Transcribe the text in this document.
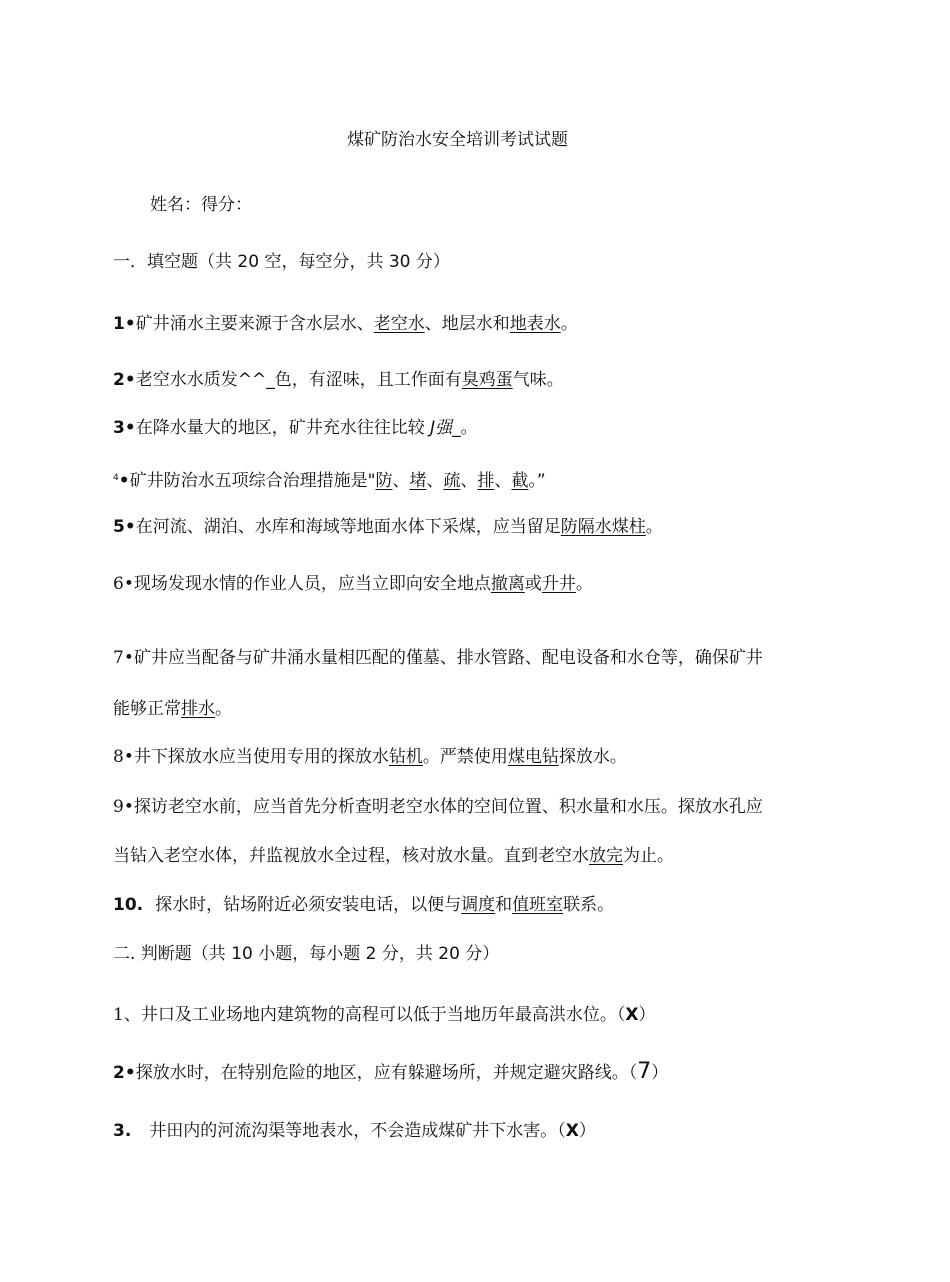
煤矿防治水安全培训考试试题
姓名：得分：
一．填空题（共 20 空，每空分，共 30 分）
1•矿井涌水主要来源于含水层水、老空水、地层水和地表水。
2•老空水水质发^^_色，有涩味，且工作面有臭鸡蛋气味。
3•在降水量大的地区，矿井充水往往比较 J强_。
$^4$•矿井防治水五项综合治理措施是"防、堵、疏、排、截。”
5•在河流、湖泊、水库和海域等地面水体下采煤，应当留足防隔水煤柱。
6•现场发现水情的作业人员，应当立即向安全地点撤离或升井。
7•矿井应当配备与矿井涌水量相匹配的僅墓、排水管路、配电设备和水仓等，确保矿井
能够正常排水。
8•井下探放水应当使用专用的探放水钻机。严禁使用煤电钻探放水。
9•探访老空水前，应当首先分析查明老空水体的空间位置、积水量和水压。探放水孔应
当钻入老空水体，幷监视放水全过程，核对放水量。直到老空水放完为止。
10. 探水时，钻场附近必须安装电话，以便与调度和值班室联系。
二. 判断题（共 10 小题，每小题 2 分，共 20 分）
1、井口及工业场地内建筑物的高程可以低于当地历年最高洪水位。（X）
2•探放水时，在特别危险的地区，应有躲避场所，并规定避灾路线。（7）
3. 井田内的河流沟渠等地表水，不会造成煤矿井下水害。（X）
